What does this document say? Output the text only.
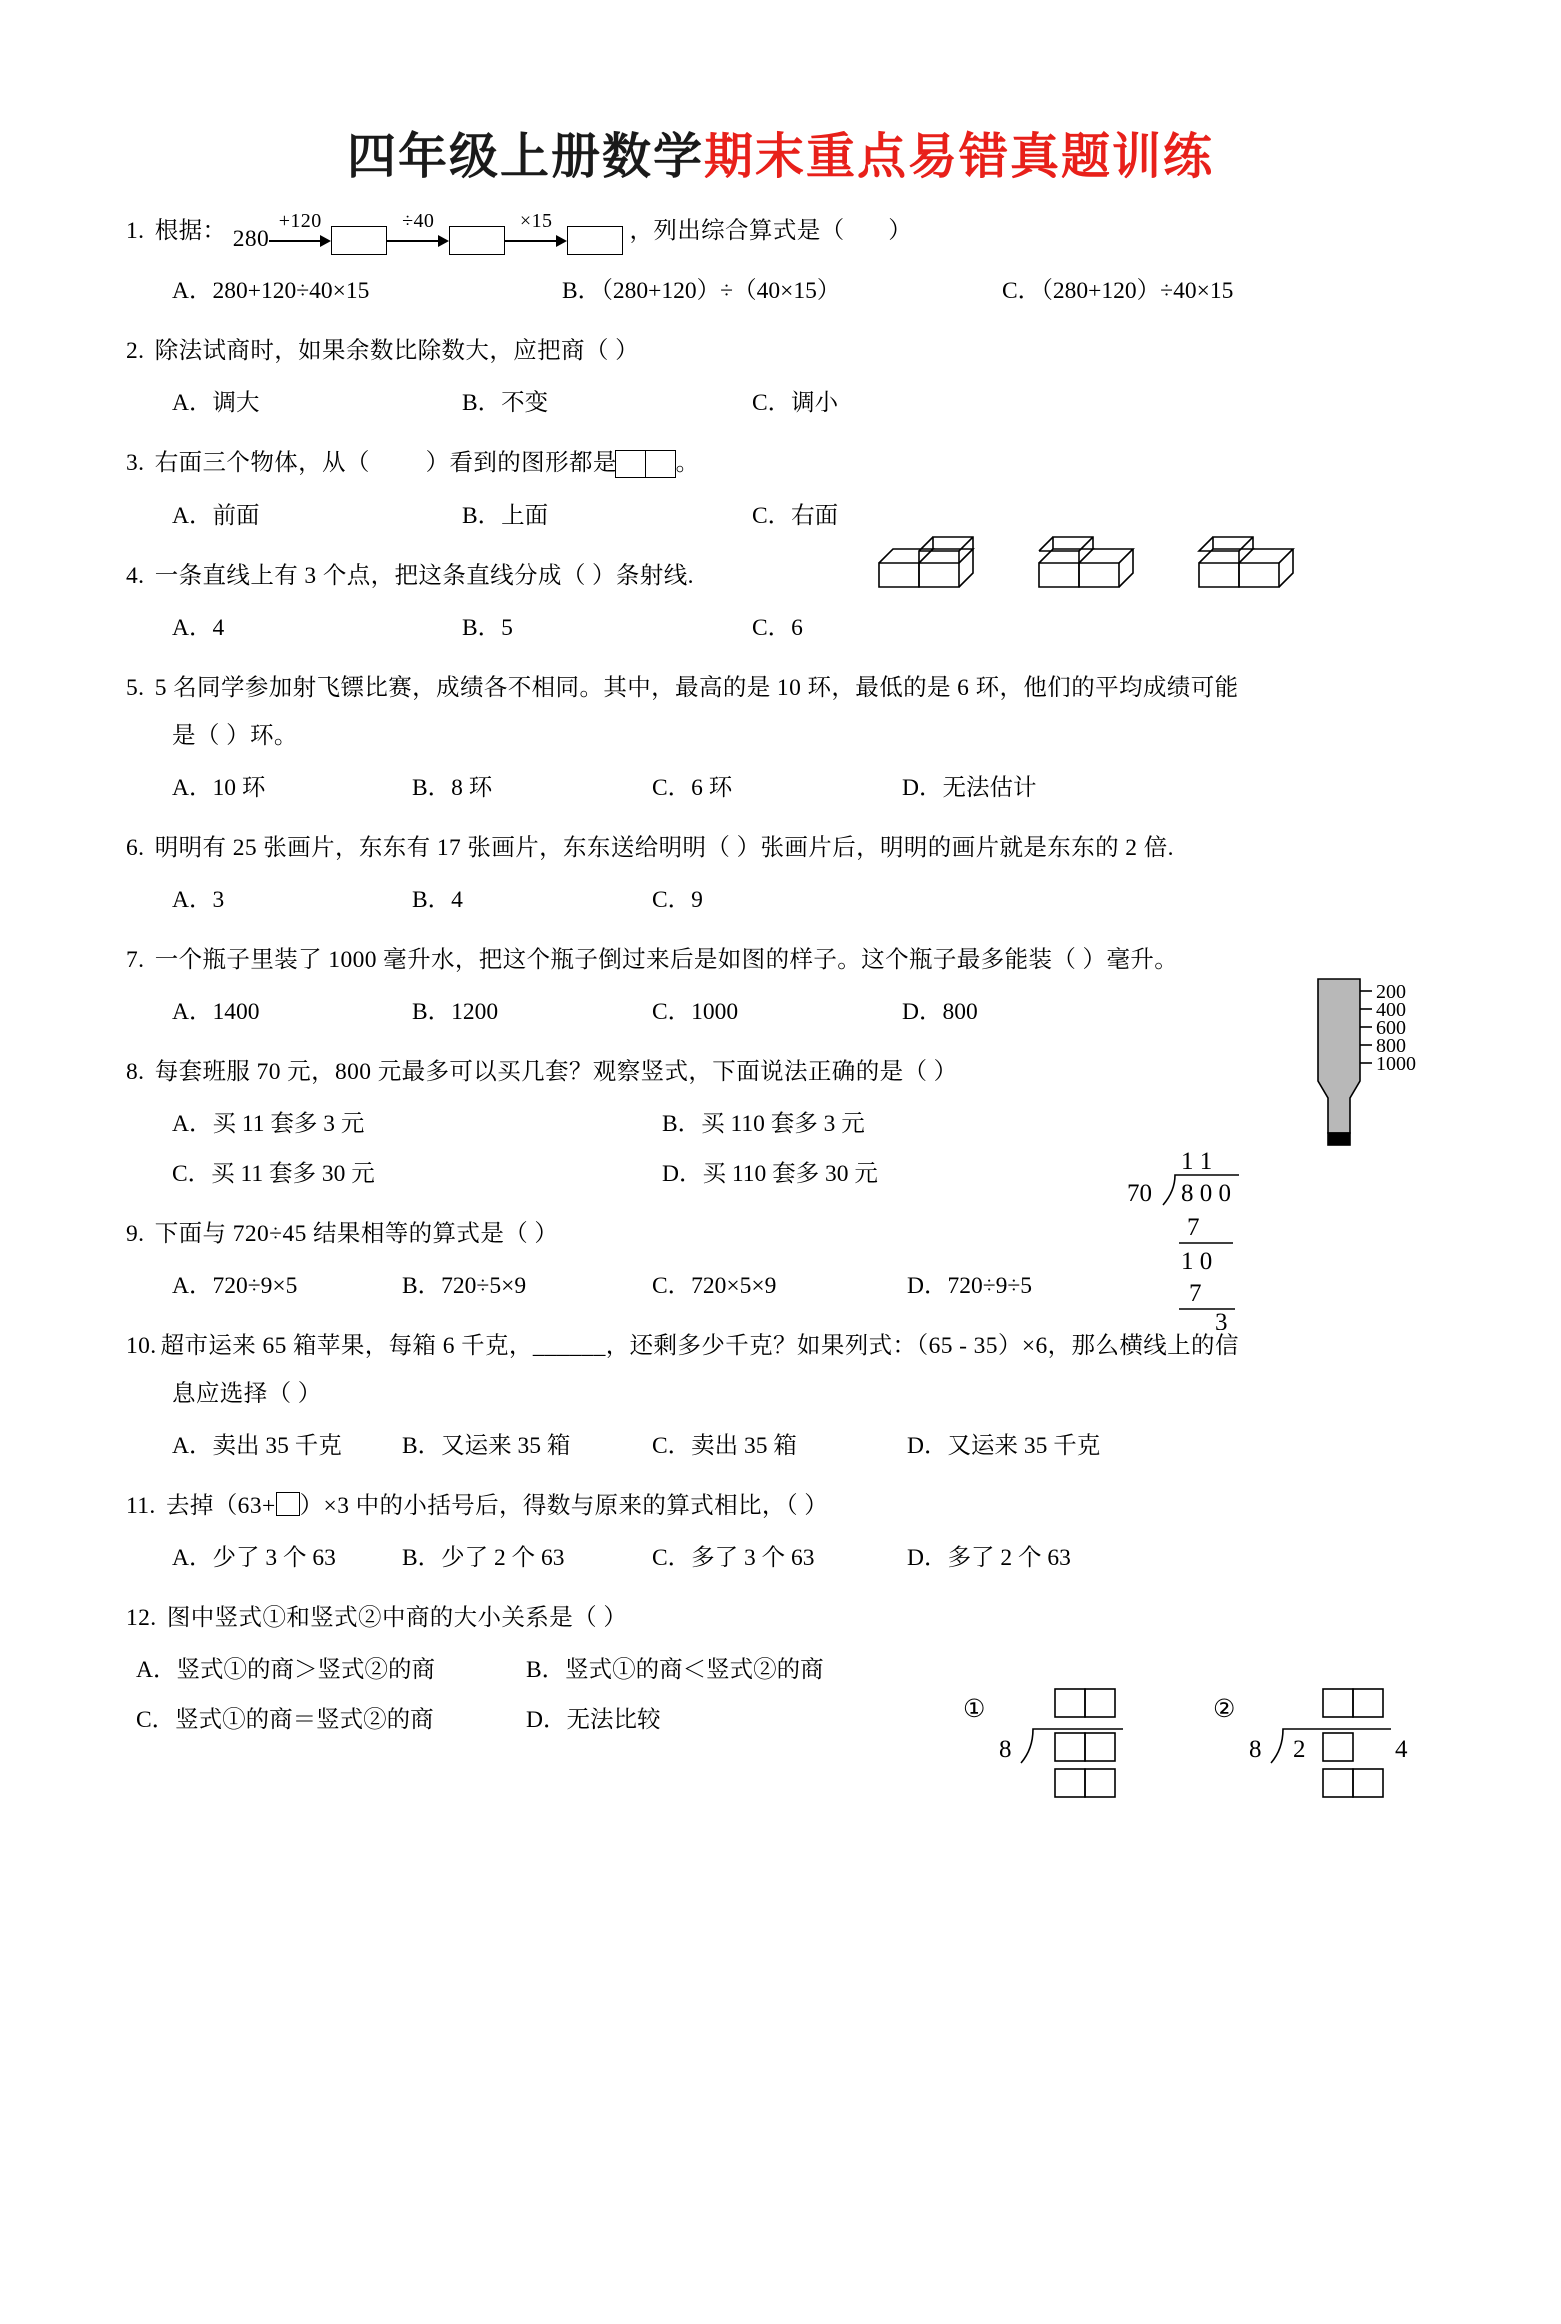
四年级上册数学期末重点易错真题训练
1. 根据： 280
+120	÷40	×15	，列出综合算式是（ ）
A．280+120÷40×15	B．（280+120）÷（40×15）	C．（280+120）÷40×15
2. 除法试商时，如果余数比除数大，应把商（ ）
A．调大	B．不变	C．调小
3. 右面三个物体，从（ ）看到的图形都是	。
A．前面	B．上面	C．右面
4. 一条直线上有 3 个点，把这条直线分成（ ）条射线.
A．4	B．5	C．6
5. 5 名同学参加射飞镖比赛，成绩各不相同。其中，最高的是 10 环，最低的是 6 环，他们的平均成绩可能
是（ ）环。
A．10 环	B．8 环	C．6 环	D．无法估计
6. 明明有 25 张画片，东东有 17 张画片，东东送给明明（ ）张画片后，明明的画片就是东东的 2 倍.
A．3	B．4	C．9
7. 一个瓶子里装了 1000 毫升水，把这个瓶子倒过来后是如图的样子。这个瓶子最多能装（ ）毫升。
A．1400	B．1200	C．1000	D．800
200
400
600
800
1000
8. 每套班服 70 元，800 元最多可以买几套？观察竖式，下面说法正确的是（ ）
A．买 11 套多 3 元	B．买 110 套多 3 元
1 1
70 8 0 0
7
1 0
7
3
C．买 11 套多 30 元	D．买 110 套多 30 元
9. 下面与 720÷45 结果相等的算式是（ ）
A．720÷9×5	B．720÷5×9	C．720×5×9	D．720÷9÷5
10. 超市运来 65 箱苹果，每箱 6 千克，______，还剩多少千克？如果列式：（65 - 35）×6，那么横线上的信
息应选择（ ）
A．卖出 35 千克	B．又运来 35 箱	C．卖出 35 箱	D．又运来 35 千克
11. 去掉（63+ ）×3 中的小括号后，得数与原来的算式相比，（ ）
A．少了 3 个 63	B．少了 2 个 63	C．多了 3 个 63	D．多了 2 个 63
12. 图中竖式①和竖式②中商的大小关系是（ ）
A．竖式①的商＞竖式②的商	B．竖式①的商＜竖式②的商
①
8
②
8 2	4
C．竖式①的商＝竖式②的商	D．无法比较
